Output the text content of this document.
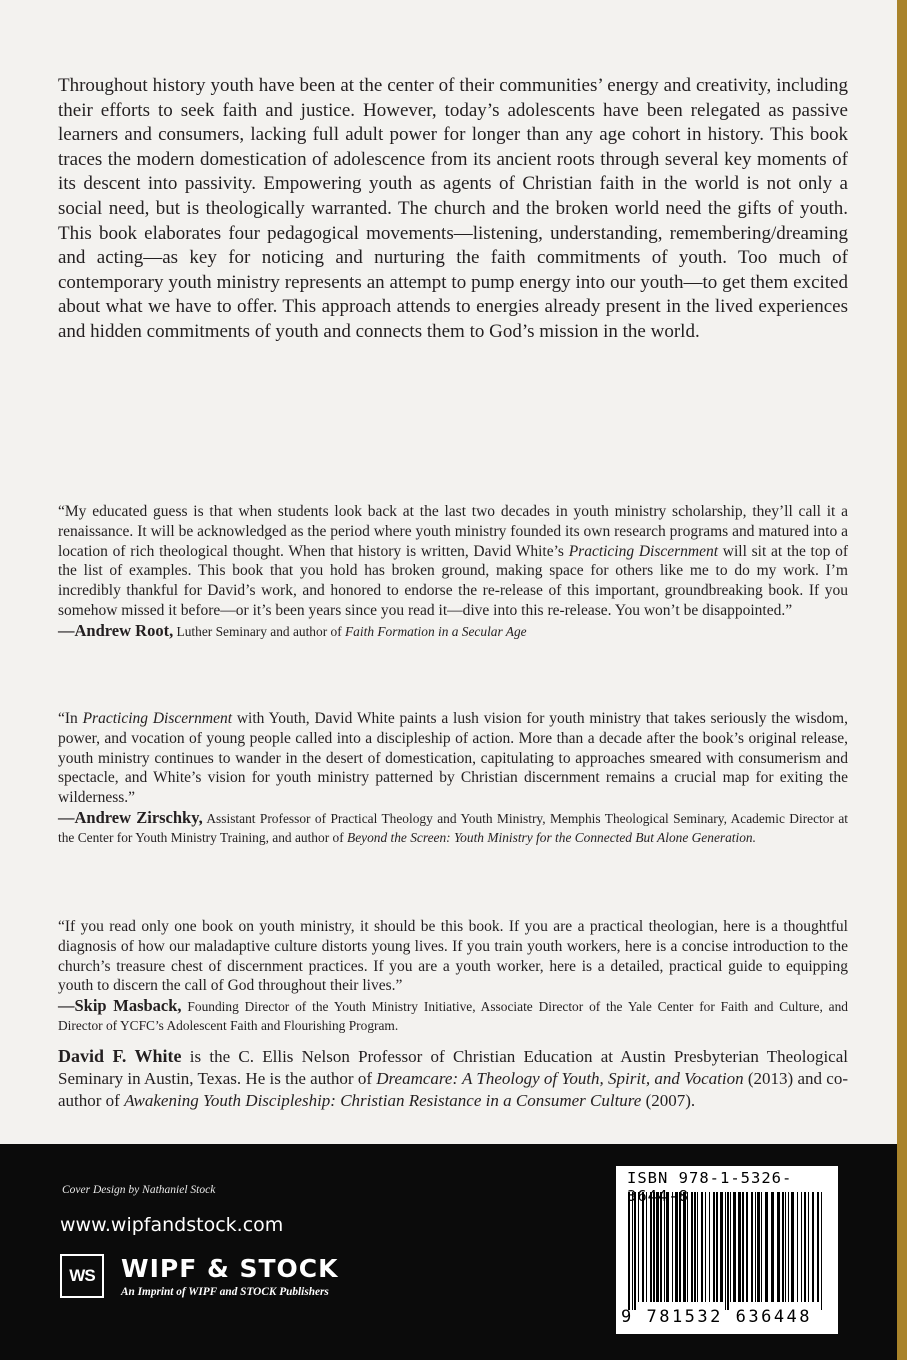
Throughout history youth have been at the center of their communities’ energy and creativity, including their efforts to seek faith and justice. However, today’s adolescents have been relegated as passive learners and consumers, lacking full adult power for longer than any age cohort in history. This book traces the modern domestication of adolescence from its ancient roots through several key moments of its descent into passivity. Empowering youth as agents of Christian faith in the world is not only a social need, but is theologically warranted. The church and the broken world need the gifts of youth. This book elaborates four pedagogical movements—listening, understanding, remembering/dreaming and acting—as key for noticing and nurturing the faith commitments of youth. Too much of contemporary youth ministry represents an attempt to pump energy into our youth—to get them excited about what we have to offer. This approach attends to energies already present in the lived experiences and hidden commitments of youth and connects them to God’s mission in the world.

“My educated guess is that when students look back at the last two decades in youth ministry scholarship, they’ll call it a renaissance. It will be acknowledged as the period where youth ministry founded its own research programs and matured into a location of rich theological thought. When that history is written, David White’s Practicing Discernment will sit at the top of the list of examples. This book that you hold has broken ground, making space for others like me to do my work. I’m incredibly thankful for David’s work, and honored to endorse the re-release of this important, groundbreaking book. If you somehow missed it before—or it’s been years since you read it—dive into this re-release. You won’t be disappointed.”

—Andrew Root, Luther Seminary and author of Faith Formation in a Secular Age

“In Practicing Discernment with Youth, David White paints a lush vision for youth ministry that takes seriously the wisdom, power, and vocation of young people called into a discipleship of action. More than a decade after the book’s original release, youth ministry continues to wander in the desert of domestication, capitulating to approaches smeared with consumerism and spectacle, and White’s vision for youth ministry patterned by Christian discernment remains a crucial map for exiting the wilderness.”

—Andrew Zirschky, Assistant Professor of Practical Theology and Youth Ministry, Memphis Theological Seminary, Academic Director at the Center for Youth Ministry Training, and author of Beyond the Screen: Youth Ministry for the Connected But Alone Generation.

“If you read only one book on youth ministry, it should be this book. If you are a practical theologian, here is a thoughtful diagnosis of how our maladaptive culture distorts young lives. If you train youth workers, here is a concise introduction to the church’s treasure chest of discernment practices. If you are a youth worker, here is a detailed, practical guide to equipping youth to discern the call of God throughout their lives.”

—Skip Masback, Founding Director of the Youth Ministry Initiative, Associate Director of the Yale Center for Faith and Culture, and Director of YCFC’s Adolescent Faith and Flourishing Program.

David F. White is the C. Ellis Nelson Professor of Christian Education at Austin Presbyterian Theological Seminary in Austin, Texas. He is the author of Dreamcare: A Theology of Youth, Spirit, and Vocation (2013) and co-author of Awakening Youth Discipleship: Christian Resistance in a Consumer Culture (2007).

Cover Design by Nathaniel Stock
www.wipfandstock.com
WS	WIPF & STOCK
An Imprint of WIPF and STOCK Publishers
ISBN 978-1-5326-3644-8
9 781532 636448
